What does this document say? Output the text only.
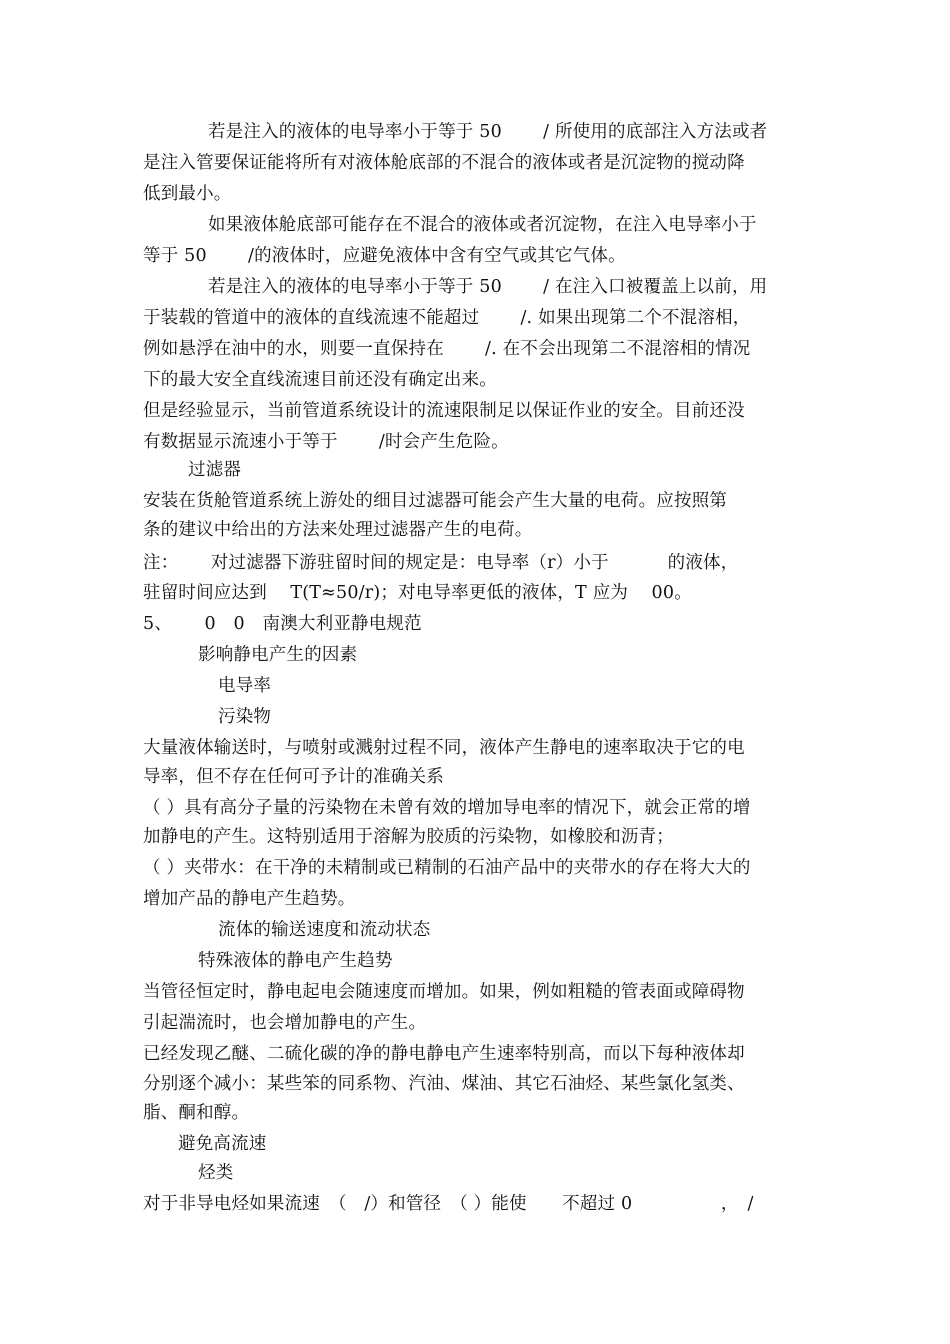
若是注入的液体的电导率小于等于 50　　 / 所使用的底部注入方法或者
是注入管要保证能将所有对液体舱底部的不混合的液体或者是沉淀物的搅动降
低到最小。
如果液体舱底部可能存在不混合的液体或者沉淀物，在注入电导率小于
等于 50　　 /的液体时，应避免液体中含有空气或其它气体。
若是注入的液体的电导率小于等于 50　　 / 在注入口被覆盖上以前，用
于装载的管道中的液体的直线流速不能超过　　 /. 如果出现第二个不混溶相，
例如悬浮在油中的水，则要一直保持在　　 /. 在不会出现第二不混溶相的情况
下的最大安全直线流速目前还没有确定出来。
但是经验显示，当前管道系统设计的流速限制足以保证作业的安全。目前还没
有数据显示流速小于等于　　 /时会产生危险。
过滤器
安装在货舱管道系统上游处的细目过滤器可能会产生大量的电荷。应按照第
条的建议中给出的方法来处理过滤器产生的电荷。
注：　　 对过滤器下游驻留时间的规定是：电导率（r）小于　　　 的液体，
驻留时间应达到　 T(T≈50/r)；对电导率更低的液体，T 应为　 00。
5、　　 0　0　南澳大利亚静电规范
影响静电产生的因素
电导率
污染物
大量液体输送时，与喷射或溅射过程不同，液体产生静电的速率取决于它的电
导率，但不存在任何可予计的准确关系
（ ）具有高分子量的污染物在未曾有效的增加导电率的情况下，就会正常的增
加静电的产生。这特别适用于溶解为胶质的污染物，如橡胶和沥青；
（ ）夹带水：在干净的未精制或已精制的石油产品中的夹带水的存在将大大的
增加产品的静电产生趋势。
流体的输送速度和流动状态
特殊液体的静电产生趋势
当管径恒定时，静电起电会随速度而增加。如果，例如粗糙的管表面或障碍物
引起湍流时，也会增加静电的产生。
已经发现乙醚、二硫化碳的净的静电静电产生速率特别高，而以下每种液体却
分别逐个减小：某些笨的同系物、汽油、煤油、其它石油烃、某些氯化氢类、
脂、酮和醇。
避免高流速
烃类
对于非导电烃如果流速　（　/）和管径　（ ）能使　　不超过 0　　　　　，　/
